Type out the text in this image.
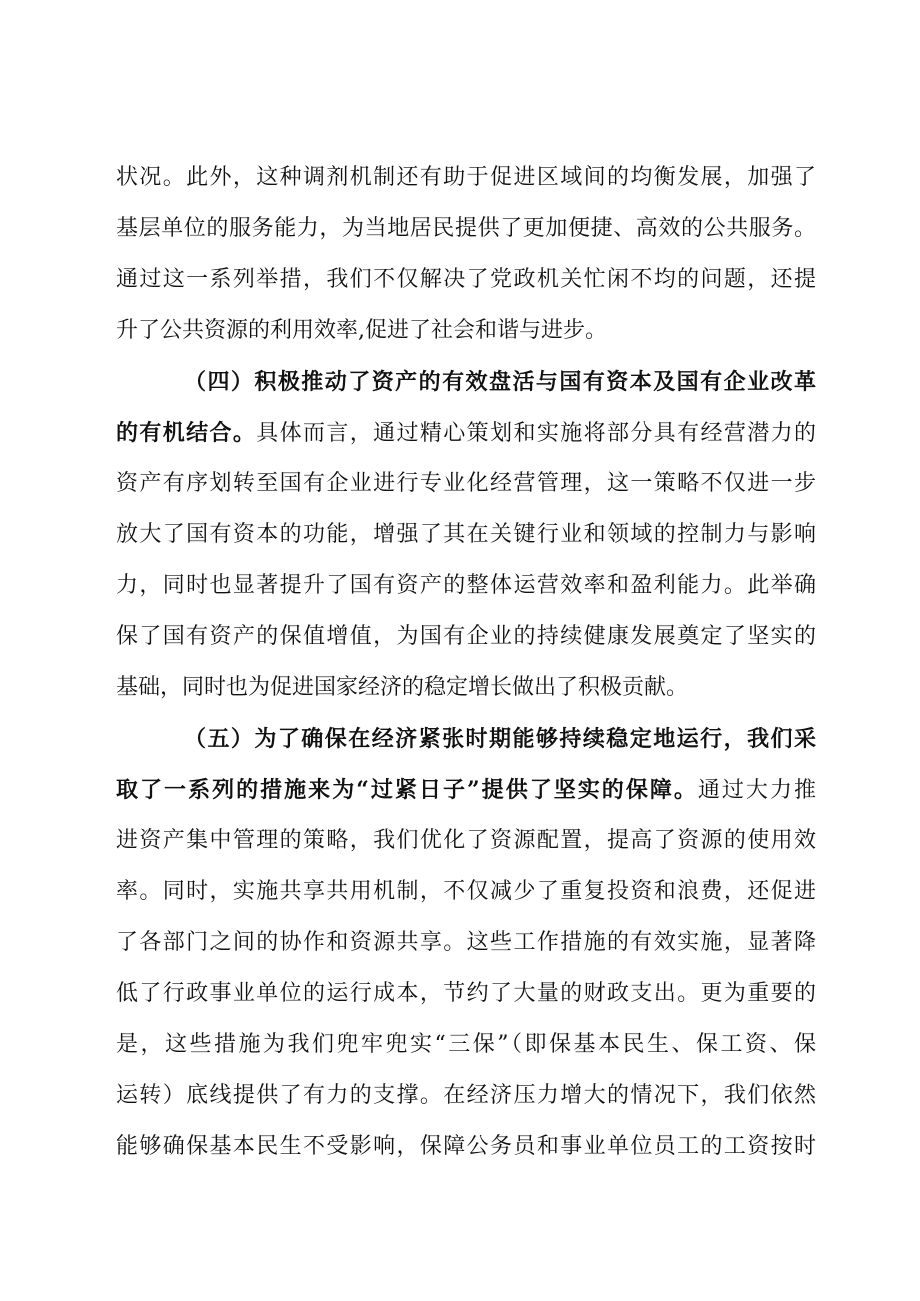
状况。此外，这种调剂机制还有助于促进区域间的均衡发展，加强了
基层单位的服务能力，为当地居民提供了更加便捷、高效的公共服务。
通过这一系列举措，我们不仅解决了党政机关忙闲不均的问题，还提
升了公共资源的利用效率,促进了社会和谐与进步。
（四）积极推动了资产的有效盘活与国有资本及国有企业改革
的有机结合。具体而言，通过精心策划和实施将部分具有经营潜力的
资产有序划转至国有企业进行专业化经营管理，这一策略不仅进一步
放大了国有资本的功能，增强了其在关键行业和领域的控制力与影响
力，同时也显著提升了国有资产的整体运营效率和盈利能力。此举确
保了国有资产的保值增值，为国有企业的持续健康发展奠定了坚实的
基础，同时也为促进国家经济的稳定增长做出了积极贡献。
（五）为了确保在经济紧张时期能够持续稳定地运行，我们采
取了一系列的措施来为“过紧日子”提供了坚实的保障。通过大力推
进资产集中管理的策略，我们优化了资源配置，提高了资源的使用效
率。同时，实施共享共用机制，不仅减少了重复投资和浪费，还促进
了各部门之间的协作和资源共享。这些工作措施的有效实施，显著降
低了行政事业单位的运行成本，节约了大量的财政支出。更为重要的
是，这些措施为我们兜牢兜实“三保”（即保基本民生、保工资、保
运转）底线提供了有力的支撑。在经济压力增大的情况下，我们依然
能够确保基本民生不受影响，保障公务员和事业单位员工的工资按时
